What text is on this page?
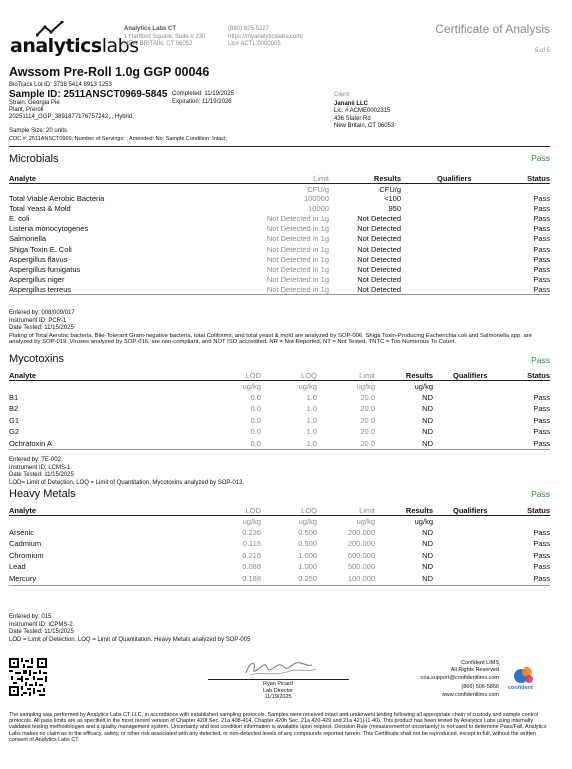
analyticslabs
Analytics Labs CT
1 Hartford Square, Suite # 230
NEW BRITAIN, CT 06052
(860) 925-5227
https://myanalyticslabs.com/
Lic# ACTL.0000005
Certificate of Analysis
5 of 5
Awssom Pre-Roll 1.0g GGP 00046
BioTrack Lot ID: 3738 5414 8913 1253
Sample ID: 2511ANSCT0969-5845
Strain: Georgia Pie
Plant, Preroll
20251114_GGP_3891877176757242, , Hybrid,
Completed: 11/19/2025
Expiration: 11/19/2026
Sample Size: 20 units
COC #: 2511ANSCT0969; Number of Servings: ; Amended: No; Sample Condition: Intact;
Client
Jananii LLC
Lic. # ACME0002315
436 Slater Rd
New Britain, CT 06053
Microbials	Pass
Analyte	Limit	Results	Qualifiers	Status
CFU/g	CFU/g
Total Viable Aerobic Bacteria	100000	<100	Pass
Total Yeast & Mold	10000	950	Pass
E. coli	Not Detected in 1g	Not Detected	Pass
Listeria monocytogenes	Not Detected in 1g	Not Detected	Pass
Salmonella	Not Detected in 1g	Not Detected	Pass
Shiga Toxin E. Coli	Not Detected in 1g	Not Detected	Pass
Aspergillus flavus	Not Detected in 1g	Not Detected	Pass
Aspergillus fumigatus	Not Detected in 1g	Not Detected	Pass
Aspergillus niger	Not Detected in 1g	Not Detected	Pass
Aspergillus terreus	Not Detected in 1g	Not Detected	Pass
Entered by: 008/009/017
Instrument ID: PCR-1
Date Tested: 11/15/2025
Plating of Total Aerobic bacteria, Bile-Tolerant Gram-negative bacteria, total Coliforms, and total yeast & mold are analyzed by SOP-006. Shiga Toxin-Producing Escherichia coli and Salmonella spp. are analyzed by SOP-019. Viruses analyzed by SOP-016, are non-compliant, and NOT ISO accredited. NR = Not Reported, NT = Not Tested, TNTC = Too Numerous To Count.
Mycotoxins	Pass
Analyte	LOD	LOQ	Limit	Results	Qualifiers	Status
ug/kg	ug/kg	ug/kg	ug/kg
B1	0.0	1.0	20.0	ND	Pass
B2	0.0	1.0	20.0	ND	Pass
G1	0.0	1.0	20.0	ND	Pass
G2	0.0	1.0	20.0	ND	Pass
Ochratoxin A	0.0	1.0	20.0	ND	Pass
Entered by: TE-002
Instrument ID: LCMS-1
Date Tested: 11/15/2025
LOD= Limit of Detection, LOQ = Limit of Quantitation, Mycotoxins analyzed by SOP-013.
Heavy Metals	Pass
Analyte	LOD	LOQ	Limit	Results	Qualifiers	Status
ug/kg	ug/kg	ug/kg	ug/kg
Arsenic	0.236	0.500	200.000	ND	Pass
Cadmium	0.115	0.500	200.000	ND	Pass
Chromium	0.216	1.000	600.000	ND	Pass
Lead	0.088	1.000	500.000	ND	Pass
Mercury	0.188	0.250	100.000	ND	Pass
Entered by: 015
Instrument ID: ICPMS-2
Date Tested: 11/15/2025
LOD = Limit of Detection. LOQ = Limit of Quantitation. Heavy Metals analyzed by SOP-005
Ryan Picard
Lab Director
11/19/2025
Confident LIMS
All Rights Reserved
coa.support@confidentlims.com
(866) 506-5866
www.confidentlims.com
confident
The sampling was performed by Analytics Labs CT LLC, in accordance with established sampling protocols. Samples were received intact and underwent testing following all appropriate chain of custody and sample control protocols. All pass limits are as specified in the most recent version of Chapter 420f Sec. 21a 408-414, Chapter 420h Sec. 21a 420-429 and 21a 421j-(1-40). This product has been tested by Analytics Labs using internally validated testing methodologies and a quality management system. Uncertainty and test condition information is available upon request. Decision Rule (measurement of uncertainty) is not used to determine Pass/Fail. Analytics Labs makes no claim as to the efficacy, safety, or other risk associated with any detected, or non-detected levels of any compounds reported herein. This Certificate shall not be reproduced, except in full, without the written consent of Analytics Labs CT.
